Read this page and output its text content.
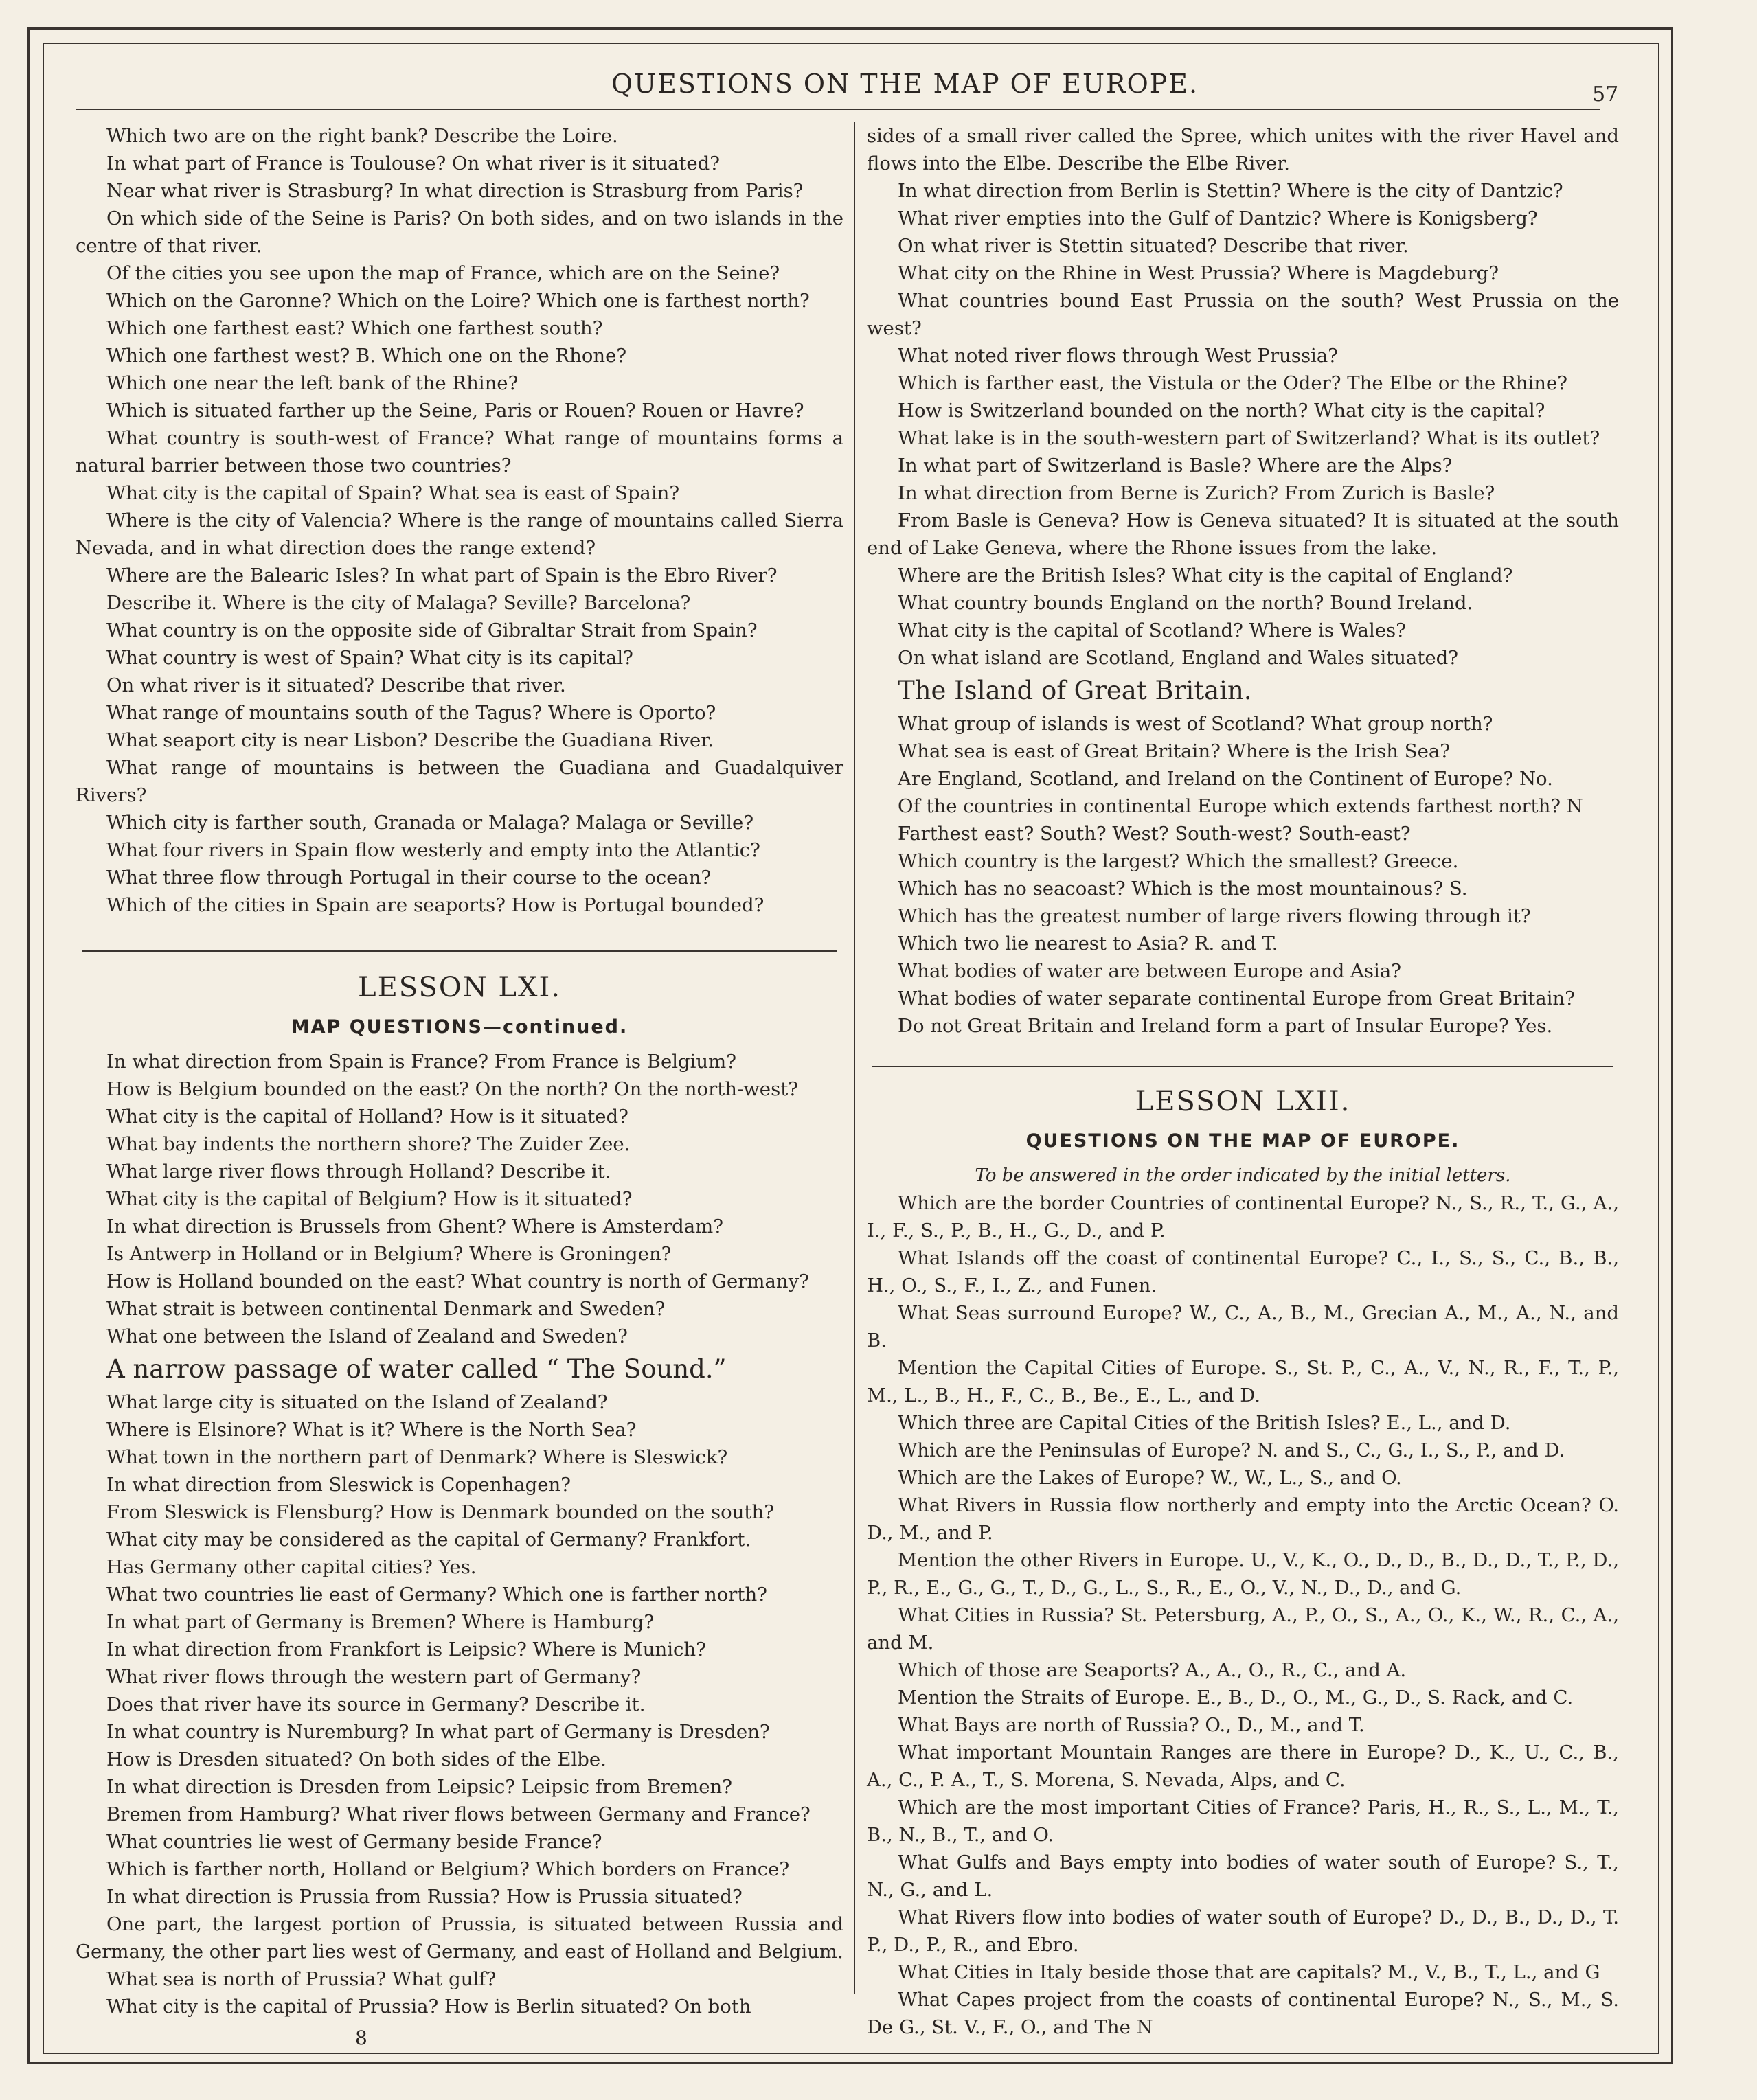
QUESTIONS ON THE MAP OF EUROPE.	57

Which two are on the right bank? Describe the Loire.

In what part of France is Toulouse? On what river is it situated?

Near what river is Strasburg? In what direction is Strasburg from Paris?

On which side of the Seine is Paris? On both sides, and on two islands in the centre of that river.

Of the cities you see upon the map of France, which are on the Seine?

Which on the Garonne? Which on the Loire? Which one is farthest north?

Which one farthest east? Which one farthest south?

Which one farthest west? B. Which one on the Rhone?

Which one near the left bank of the Rhine?

Which is situated farther up the Seine, Paris or Rouen? Rouen or Havre?

What country is south-west of France? What range of mountains forms a natural barrier between those two countries?

What city is the capital of Spain? What sea is east of Spain?

Where is the city of Valencia? Where is the range of mountains called Sierra Nevada, and in what direction does the range extend?

Where are the Balearic Isles? In what part of Spain is the Ebro River?

Describe it. Where is the city of Malaga? Seville? Barcelona?

What country is on the opposite side of Gibraltar Strait from Spain?

What country is west of Spain? What city is its capital?

On what river is it situated? Describe that river.

What range of mountains south of the Tagus? Where is Oporto?

What seaport city is near Lisbon? Describe the Guadiana River.

What range of mountains is between the Guadiana and Guadalquiver Rivers?

Which city is farther south, Granada or Malaga? Malaga or Seville?

What four rivers in Spain flow westerly and empty into the Atlantic?

What three flow through Portugal in their course to the ocean?

Which of the cities in Spain are seaports? How is Portugal bounded?

LESSON LXI.
MAP QUESTIONS—continued.

In what direction from Spain is France? From France is Belgium?

How is Belgium bounded on the east? On the north? On the north-west?

What city is the capital of Holland? How is it situated?

What bay indents the northern shore? The Zuider Zee.

What large river flows through Holland? Describe it.

What city is the capital of Belgium? How is it situated?

In what direction is Brussels from Ghent? Where is Amsterdam?

Is Antwerp in Holland or in Belgium? Where is Groningen?

How is Holland bounded on the east? What country is north of Germany?

What strait is between continental Denmark and Sweden?

What one between the Island of Zealand and Sweden?

A narrow passage of water called “ The Sound.”

What large city is situated on the Island of Zealand?

Where is Elsinore? What is it? Where is the North Sea?

What town in the northern part of Denmark? Where is Sleswick?

In what direction from Sleswick is Copenhagen?

From Sleswick is Flensburg? How is Denmark bounded on the south?

What city may be considered as the capital of Germany? Frankfort.

Has Germany other capital cities? Yes.

What two countries lie east of Germany? Which one is farther north?

In what part of Germany is Bremen? Where is Hamburg?

In what direction from Frankfort is Leipsic? Where is Munich?

What river flows through the western part of Germany?

Does that river have its source in Germany? Describe it.

In what country is Nuremburg? In what part of Germany is Dresden?

How is Dresden situated? On both sides of the Elbe.

In what direction is Dresden from Leipsic? Leipsic from Bremen?

Bremen from Hamburg? What river flows between Germany and France?

What countries lie west of Germany beside France?

Which is farther north, Holland or Belgium? Which borders on France?

In what direction is Prussia from Russia? How is Prussia situated?

One part, the largest portion of Prussia, is situated between Russia and Germany, the other part lies west of Germany, and east of Holland and Belgium.

What sea is north of Prussia? What gulf?

What city is the capital of Prussia? How is Berlin situated? On both

8

sides of a small river called the Spree, which unites with the river Havel and flows into the Elbe. Describe the Elbe River.

In what direction from Berlin is Stettin? Where is the city of Dantzic?

What river empties into the Gulf of Dantzic? Where is Konigsberg?

On what river is Stettin situated? Describe that river.

What city on the Rhine in West Prussia? Where is Magdeburg?

What countries bound East Prussia on the south? West Prussia on the west?

What noted river flows through West Prussia?

Which is farther east, the Vistula or the Oder? The Elbe or the Rhine?

How is Switzerland bounded on the north? What city is the capital?

What lake is in the south-western part of Switzerland? What is its outlet?

In what part of Switzerland is Basle? Where are the Alps?

In what direction from Berne is Zurich? From Zurich is Basle?

From Basle is Geneva? How is Geneva situated? It is situated at the south end of Lake Geneva, where the Rhone issues from the lake.

Where are the British Isles? What city is the capital of England?

What country bounds England on the north? Bound Ireland.

What city is the capital of Scotland? Where is Wales?

On what island are Scotland, England and Wales situated?

The Island of Great Britain.

What group of islands is west of Scotland? What group north?

What sea is east of Great Britain? Where is the Irish Sea?

Are England, Scotland, and Ireland on the Continent of Europe? No.

Of the countries in continental Europe which extends farthest north? N

Farthest east? South? West? South-west? South-east?

Which country is the largest? Which the smallest? Greece.

Which has no seacoast? Which is the most mountainous? S.

Which has the greatest number of large rivers flowing through it?

Which two lie nearest to Asia? R. and T.

What bodies of water are between Europe and Asia?

What bodies of water separate continental Europe from Great Britain?

Do not Great Britain and Ireland form a part of Insular Europe? Yes.

LESSON LXII.
QUESTIONS ON THE MAP OF EUROPE.
To be answered in the order indicated by the initial letters.

Which are the border Countries of continental Europe? N., S., R., T., G., A., I., F., S., P., B., H., G., D., and P.

What Islands off the coast of continental Europe? C., I., S., S., C., B., B., H., O., S., F., I., Z., and Funen.

What Seas surround Europe? W., C., A., B., M., Grecian A., M., A., N., and B.

Mention the Capital Cities of Europe. S., St. P., C., A., V., N., R., F., T., P., M., L., B., H., F., C., B., Be., E., L., and D.

Which three are Capital Cities of the British Isles? E., L., and D.

Which are the Peninsulas of Europe? N. and S., C., G., I., S., P., and D.

Which are the Lakes of Europe? W., W., L., S., and O.

What Rivers in Russia flow northerly and empty into the Arctic Ocean? O. D., M., and P.

Mention the other Rivers in Europe. U., V., K., O., D., D., B., D., D., T., P., D., P., R., E., G., G., T., D., G., L., S., R., E., O., V., N., D., D., and G.

What Cities in Russia? St. Petersburg, A., P., O., S., A., O., K., W., R., C., A., and M.

Which of those are Seaports? A., A., O., R., C., and A.

Mention the Straits of Europe. E., B., D., O., M., G., D., S. Rack, and C.

What Bays are north of Russia? O., D., M., and T.

What important Mountain Ranges are there in Europe? D., K., U., C., B., A., C., P. A., T., S. Morena, S. Nevada, Alps, and C.

Which are the most important Cities of France? Paris, H., R., S., L., M., T., B., N., B., T., and O.

What Gulfs and Bays empty into bodies of water south of Europe? S., T., N., G., and L.

What Rivers flow into bodies of water south of Europe? D., D., B., D., D., T. P., D., P., R., and Ebro.

What Cities in Italy beside those that are capitals? M., V., B., T., L., and G

What Capes project from the coasts of continental Europe? N., S., M., S. De G., St. V., F., O., and The N
